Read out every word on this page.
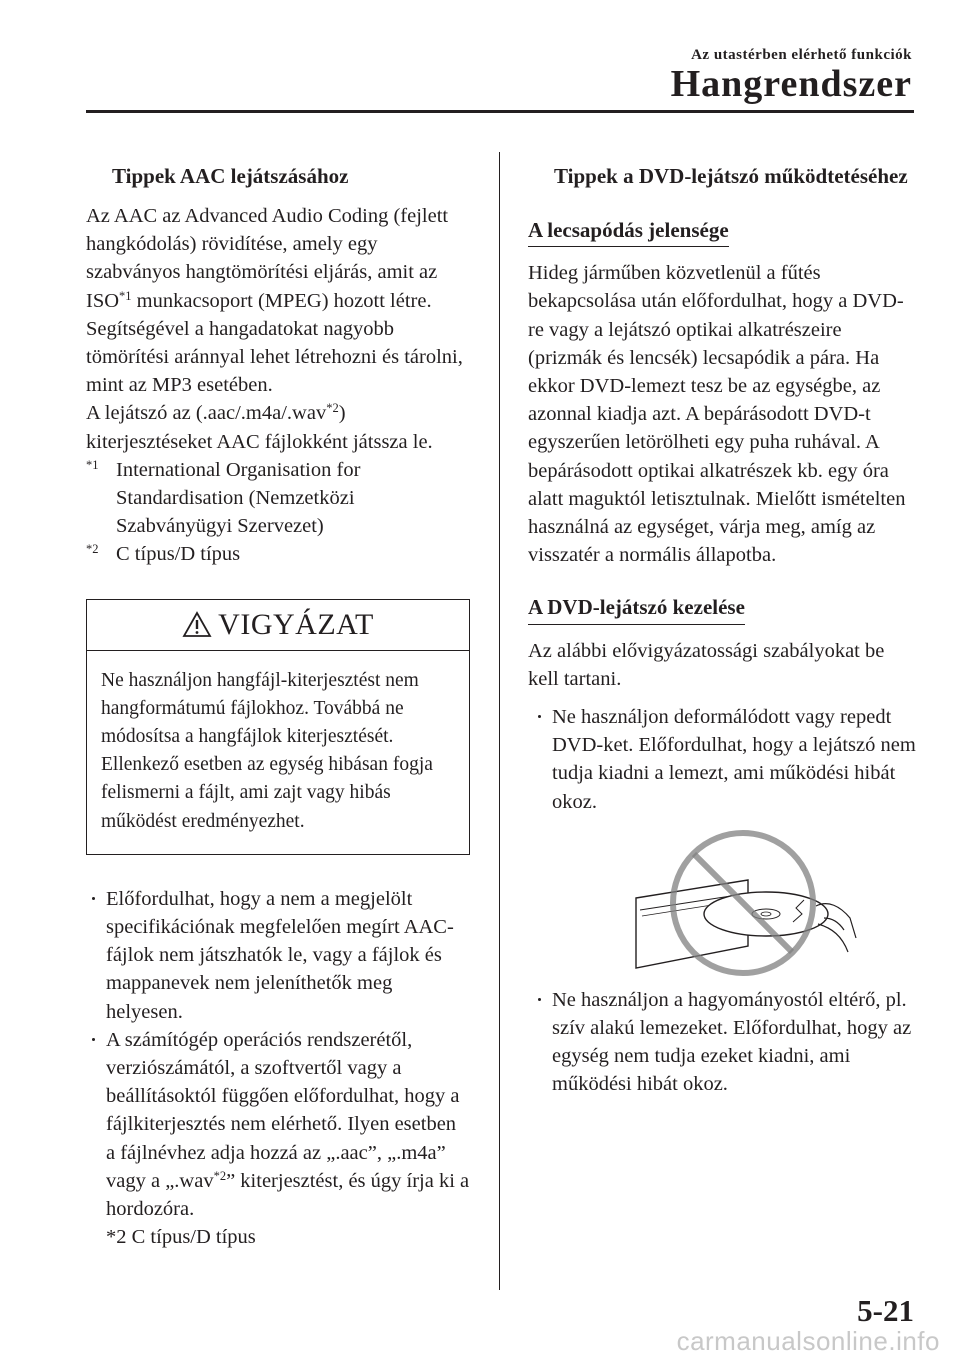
Az utastérben elérhető funkciók
Hangrendszer
Tippek AAC lejátszásához

Az AAC az Advanced Audio Coding (fejlett hangkódolás) rövidítése, amely egy szabványos hangtömörítési eljárás, amit az ISO$^{*1}$ munkacsoport (MPEG) hozott létre. Segítségével a hangadatokat nagyobb tömörítési aránnyal lehet létrehozni és tárolni, mint az MP3 esetében.

A lejátszó az (.aac/.m4a/.wav$^{*2}$) kiterjesztéseket AAC fájlokként játssza le.

$^{*1}$ International Organisation for Standardisation (Nemzetközi Szabványügyi Szervezet)
$^{*2}$ C típus/D típus
VIGYÁZAT
Ne használjon hangfájl-kiterjesztést nem hangformátumú fájlokhoz. Továbbá ne módosítsa a hangfájlok kiterjesztését. Ellenkező esetben az egység hibásan fogja felismerni a fájlt, ami zajt vagy hibás működést eredményezhet.
Előfordulhat, hogy a nem a megjelölt specifikációnak megfelelően megírt AAC-fájlok nem játszhatók le, vagy a fájlok és mappanevek nem jeleníthetők meg helyesen.
A számítógép operációs rendszerétől, verziószámától, a szoftvertől vagy a beállításoktól függően előfordulhat, hogy a fájlkiterjesztés nem elérhető. Ilyen esetben a fájlnévhez adja hozzá az „.aac”, „.m4a” vagy a „.wav$^{*2}$” kiterjesztést, és úgy írja ki a hordozóra.
*2 C típus/D típus
Tippek a DVD-lejátszó működtetéséhez
A lecsapódás jelensége

Hideg járműben közvetlenül a fűtés bekapcsolása után előfordulhat, hogy a DVD-re vagy a lejátszó optikai alkatrészeire (prizmák és lencsék) lecsapódik a pára. Ha ekkor DVD-lemezt tesz be az egységbe, az azonnal kiadja azt. A bepárásodott DVD-t egyszerűen letörölheti egy puha ruhával. A bepárásodott optikai alkatrészek kb. egy óra alatt maguktól letisztulnak. Mielőtt ismételten használná az egységet, várja meg, amíg az visszatér a normális állapotba.

A DVD-lejátszó kezelése

Az alábbi elővigyázatossági szabályokat be kell tartani.

Ne használjon deformálódott vagy repedt DVD-ket. Előfordulhat, hogy a lejátszó nem tudja kiadni a lemezt, ami működési hibát okoz.
Ne használjon a hagyományostól eltérő, pl. szív alakú lemezeket. Előfordulhat, hogy az egység nem tudja ezeket kiadni, ami működési hibát okoz.
5-21
carmanualsonline.info
